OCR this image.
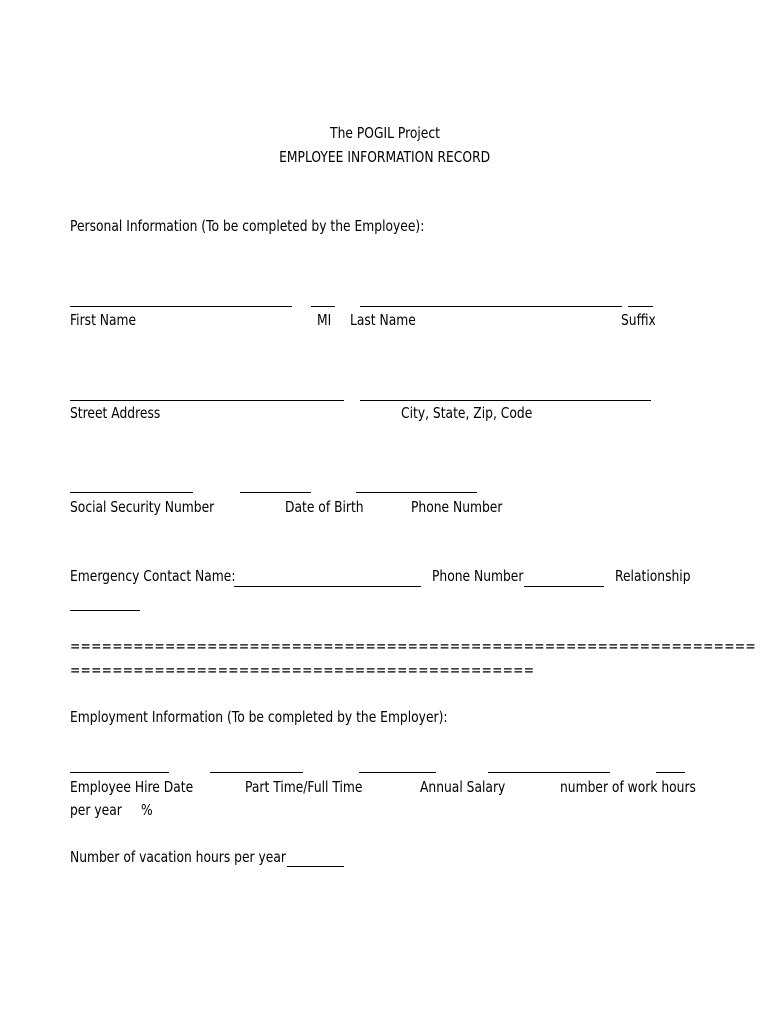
The POGIL Project
EMPLOYEE INFORMATION RECORD
Personal Information (To be completed by the Employee):
First Name	MI Last Name	Suffix
Street Address	City, State, Zip, Code
Social Security Number	Date of Birth	Phone Number
Emergency Contact Name:	Phone Number	Relationship
=================================================================
============================================
Employment Information (To be completed by the Employer):
Employee Hire Date	Part Time/Full Time	Annual Salary	number of work hours
per year %
Number of vacation hours per year
